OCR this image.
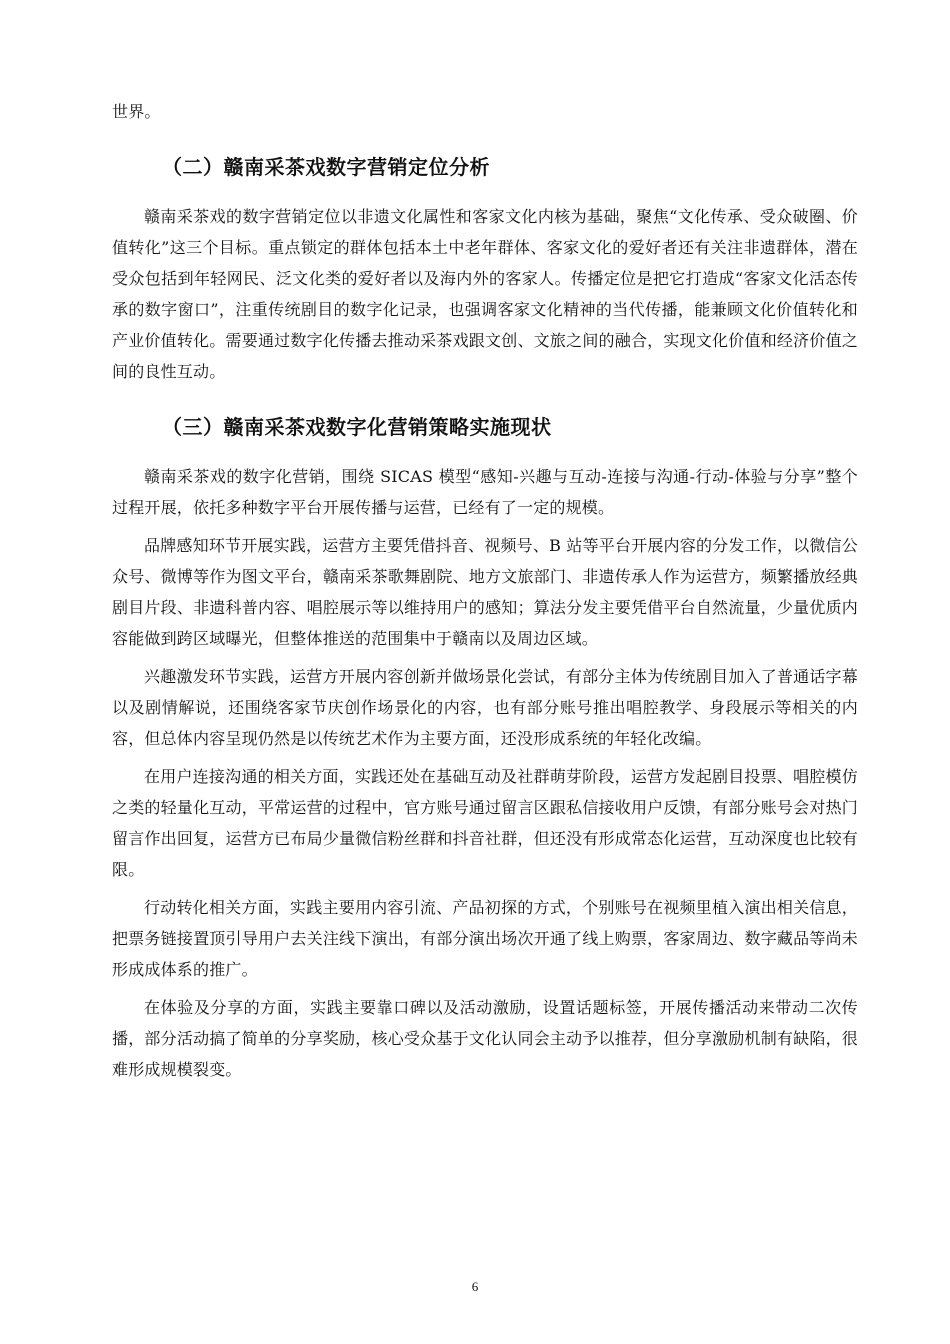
世界。

（二）赣南采茶戏数字营销定位分析

赣南采茶戏的数字营销定位以非遗文化属性和客家文化内核为基础，聚焦“文化传承、受众破圈、价值转化”这三个目标。重点锁定的群体包括本土中老年群体、客家文化的爱好者还有关注非遗群体，潜在受众包括到年轻网民、泛文化类的爱好者以及海内外的客家人。传播定位是把它打造成“客家文化活态传承的数字窗口”，注重传统剧目的数字化记录，也强调客家文化精神的当代传播，能兼顾文化价值转化和产业价值转化。需要通过数字化传播去推动采茶戏跟文创、文旅之间的融合，实现文化价值和经济价值之间的良性互动。

（三）赣南采茶戏数字化营销策略实施现状

赣南采茶戏的数字化营销，围绕 SICAS 模型“感知-兴趣与互动-连接与沟通-行动-体验与分享”整个过程开展，依托多种数字平台开展传播与运营，已经有了一定的规模。

品牌感知环节开展实践，运营方主要凭借抖音、视频号、B 站等平台开展内容的分发工作，以微信公众号、微博等作为图文平台，赣南采茶歌舞剧院、地方文旅部门、非遗传承人作为运营方，频繁播放经典剧目片段、非遗科普内容、唱腔展示等以维持用户的感知；算法分发主要凭借平台自然流量，少量优质内容能做到跨区域曝光，但整体推送的范围集中于赣南以及周边区域。

兴趣激发环节实践，运营方开展内容创新并做场景化尝试，有部分主体为传统剧目加入了普通话字幕以及剧情解说，还围绕客家节庆创作场景化的内容，也有部分账号推出唱腔教学、身段展示等相关的内容，但总体内容呈现仍然是以传统艺术作为主要方面，还没形成系统的年轻化改编。

在用户连接沟通的相关方面，实践还处在基础互动及社群萌芽阶段，运营方发起剧目投票、唱腔模仿之类的轻量化互动，平常运营的过程中，官方账号通过留言区跟私信接收用户反馈，有部分账号会对热门留言作出回复，运营方已布局少量微信粉丝群和抖音社群，但还没有形成常态化运营，互动深度也比较有限。

行动转化相关方面，实践主要用内容引流、产品初探的方式，个别账号在视频里植入演出相关信息，把票务链接置顶引导用户去关注线下演出，有部分演出场次开通了线上购票，客家周边、数字藏品等尚未形成成体系的推广。

在体验及分享的方面，实践主要靠口碑以及活动激励，设置话题标签，开展传播活动来带动二次传播，部分活动搞了简单的分享奖励，核心受众基于文化认同会主动予以推荐，但分享激励机制有缺陷，很难形成规模裂变。

6
